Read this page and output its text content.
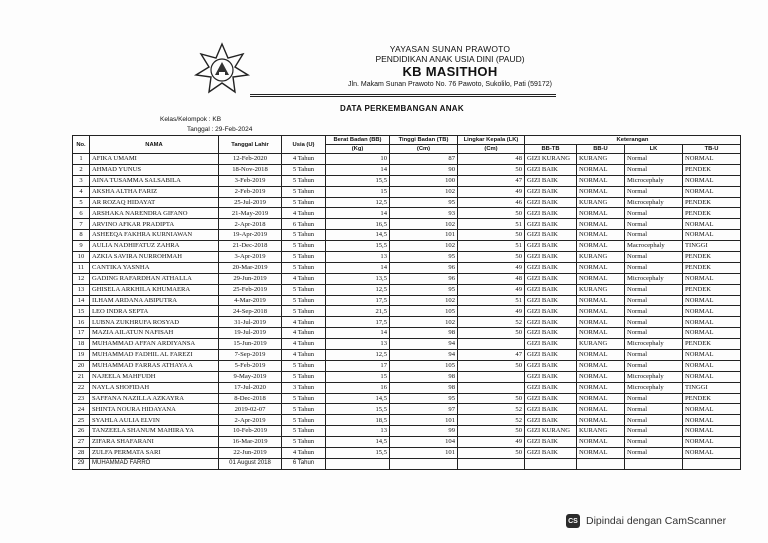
YAYASAN SUNAN PRAWOTO
PENDIDIKAN ANAK USIA DINI (PAUD)
KB MASITHOH
Jln. Makam Sunan Prawoto No. 76 Pawoto, Sukolilo, Pati (59172)
DATA PERKEMBANGAN ANAK
Kelas/Kelompok : KB
Tanggal : 29-Feb-2024
No.	NAMA	Tanggal Lahir	Usia (U)	Berat Badan (BB)	Tinggi Badan (TB)	Lingkar Kepala (LK)	Keterangan			
				(Kg)	(Cm)	(Cm)	BB-TB	BB-U	LK	TB-U
1	AFIKA UMAMI	12-Feb-2020	4 Tahun	10	87	48	GIZI KURANG	KURANG	Normal	NORMAL
2	AHMAD YUNUS	18-Nov-2018	5 Tahun	14	90	50	GIZI BAIK	NORMAL	Normal	PENDEK
3	AINA TUSAMMA SALSABILA	3-Feb-2019	5 Tahun	15,5	100	47	GIZI BAIK	NORMAL	Microcephaly	NORMAL
4	AKSHA ALTHA FARIZ	2-Feb-2019	5 Tahun	15	102	49	GIZI BAIK	NORMAL	Normal	NORMAL
5	AR ROZAQ HIDAYAT	25-Jul-2019	5 Tahun	12,5	95	46	GIZI BAIK	KURANG	Microcephaly	PENDEK
6	ARSHAKA NARENDRA GIFANO	21-May-2019	4 Tahun	14	93	50	GIZI BAIK	NORMAL	Normal	PENDEK
7	ARVINO AFKAR PRADIPTA	2-Apr-2018	6 Tahun	16,5	102	51	GIZI BAIK	NORMAL	Normal	NORMAL
8	ASHEEQA FAKHRA KURNIAWAN	19-Apr-2019	5 Tahun	14,5	101	50	GIZI BAIK	NORMAL	Normal	NORMAL
9	AULIA NADHIFATUZ ZAHRA	21-Dec-2018	5 Tahun	15,5	102	51	GIZI BAIK	NORMAL	Macrocephaly	TINGGI
10	AZKIA SAVIRA NURROHMAH	3-Apr-2019	5 Tahun	13	95	50	GIZI BAIK	KURANG	Normal	PENDEK
11	CANTIKA YASNHA	20-Mar-2019	5 Tahun	14	96	49	GIZI BAIK	NORMAL	Normal	PENDEK
12	GADING RAFARDHAN ATHALLA	29-Jun-2019	4 Tahun	13,5	96	48	GIZI BAIK	NORMAL	Microcephaly	NORMAL
13	GHISELA ARKHILA KHUMAERA	25-Feb-2019	5 Tahun	12,5	95	49	GIZI BAIK	KURANG	Normal	PENDEK
14	ILHAM ARDANA ABIPUTRA	4-Mar-2019	5 Tahun	17,5	102	51	GIZI BAIK	NORMAL	Normal	NORMAL
15	LEO INDRA SEPTA	24-Sep-2018	5 Tahun	21,5	105	49	GIZI BAIK	NORMAL	Normal	NORMAL
16	LUBNA ZUKHRUFA ROSYAD	31-Jul-2019	4 Tahun	17,5	102	52	GIZI BAIK	NORMAL	Normal	NORMAL
17	MAZIA AILATUN NAFISAH	19-Jul-2019	4 Tahun	14	98	50	GIZI BAIK	NORMAL	Normal	NORMAL
18	MUHAMMAD AFFAN ARDIYANSA	15-Jun-2019	4 Tahun	13	94		GIZI BAIK	KURANG	Microcephaly	PENDEK
19	MUHAMMAD FADHIL AL FAREZI	7-Sep-2019	4 Tahun	12,5	94	47	GIZI BAIK	NORMAL	Normal	NORMAL
20	MUHAMMAD FARRAS ATHAYA A	5-Feb-2019	5 Tahun	17	105	50	GIZI BAIK	NORMAL	Normal	NORMAL
21	NAJEELA MAHFUDH	9-May-2019	5 Tahun	15	98		GIZI BAIK	NORMAL	Microcephaly	NORMAL
22	NAYLA SHOFIDAH	17-Jul-2020	3 Tahun	16	98		GIZI BAIK	NORMAL	Microcephaly	TINGGI
23	SAFFANA NAZILLA AZKAYRA	8-Dec-2018	5 Tahun	14,5	95	50	GIZI BAIK	NORMAL	Normal	PENDEK
24	SHINTA NOURA HIDAYANA	2019-02-07	5 Tahun	15,5	97	52	GIZI BAIK	NORMAL	Normal	NORMAL
25	SYAHLA AULIA ELVIN	2-Apr-2019	5 Tahun	18,5	101	52	GIZI BAIK	NORMAL	Normal	NORMAL
26	TANZEELA SHANUM MAHIRA YA	10-Feb-2019	5 Tahun	13	99	50	GIZI KURANG	KURANG	Normal	NORMAL
27	ZIFARA SHAFARANI	16-Mar-2019	5 Tahun	14,5	104	49	GIZI BAIK	NORMAL	Normal	NORMAL
28	ZULFA PERMATA SARI	22-Jun-2019	4 Tahun	15,5	101	50	GIZI BAIK	NORMAL	Normal	NORMAL
29	MUHAMMAD FARRO	01 August 2018	6 Tahun							
CS Dipindai dengan CamScanner
